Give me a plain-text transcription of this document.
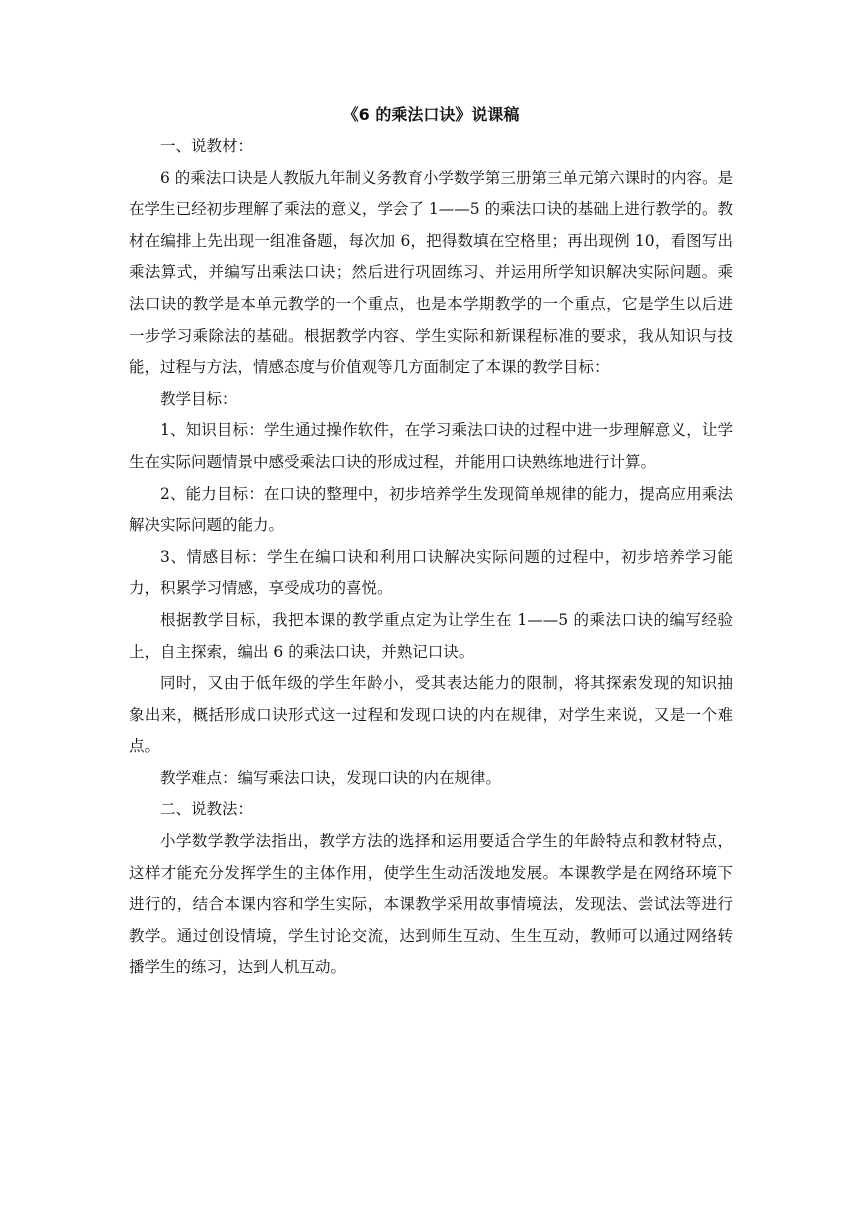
《6 的乘法口诀》说课稿

一、说教材：

6 的乘法口诀是人教版九年制义务教育小学数学第三册第三单元第六课时的内容。是在学生已经初步理解了乘法的意义，学会了 1——5 的乘法口诀的基础上进行教学的。教材在编排上先出现一组准备题，每次加 6，把得数填在空格里；再出现例 10，看图写出乘法算式，并编写出乘法口诀；然后进行巩固练习、并运用所学知识解决实际问题。乘法口诀的教学是本单元教学的一个重点，也是本学期教学的一个重点，它是学生以后进一步学习乘除法的基础。根据教学内容、学生实际和新课程标准的要求，我从知识与技能，过程与方法，情感态度与价值观等几方面制定了本课的教学目标：

教学目标：

1、知识目标：学生通过操作软件，在学习乘法口诀的过程中进一步理解意义，让学生在实际问题情景中感受乘法口诀的形成过程，并能用口诀熟练地进行计算。

2、能力目标：在口诀的整理中，初步培养学生发现简单规律的能力，提高应用乘法解决实际问题的能力。

3、情感目标：学生在编口诀和利用口诀解决实际问题的过程中，初步培养学习能力，积累学习情感，享受成功的喜悦。

根据教学目标，我把本课的教学重点定为让学生在 1——5 的乘法口诀的编写经验上，自主探索，编出 6 的乘法口诀，并熟记口诀。

同时，又由于低年级的学生年龄小，受其表达能力的限制，将其探索发现的知识抽象出来，概括形成口诀形式这一过程和发现口诀的内在规律，对学生来说，又是一个难点。

教学难点：编写乘法口诀，发现口诀的内在规律。

二、说教法：

小学数学教学法指出，教学方法的选择和运用要适合学生的年龄特点和教材特点，这样才能充分发挥学生的主体作用，使学生生动活泼地发展。本课教学是在网络环境下进行的，结合本课内容和学生实际，本课教学采用故事情境法，发现法、尝试法等进行教学。通过创设情境，学生讨论交流，达到师生互动、生生互动，教师可以通过网络转播学生的练习，达到人机互动。
